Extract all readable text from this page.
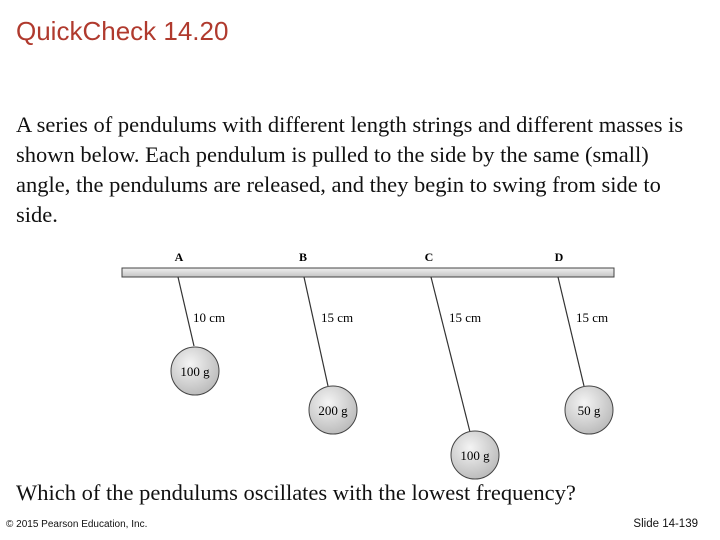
QuickCheck 14.20

A series of pendulums with different length strings and different masses is shown below. Each pendulum is pulled to the side by the same (small) angle, the pendulums are released, and they begin to swing from side to side.

A
10 cm
100 g
B
15 cm
200 g
C
15 cm
100 g
D
15 cm
50 g

Which of the pendulums oscillates with the lowest frequency?

© 2015 Pearson Education, Inc.	Slide 14-139
